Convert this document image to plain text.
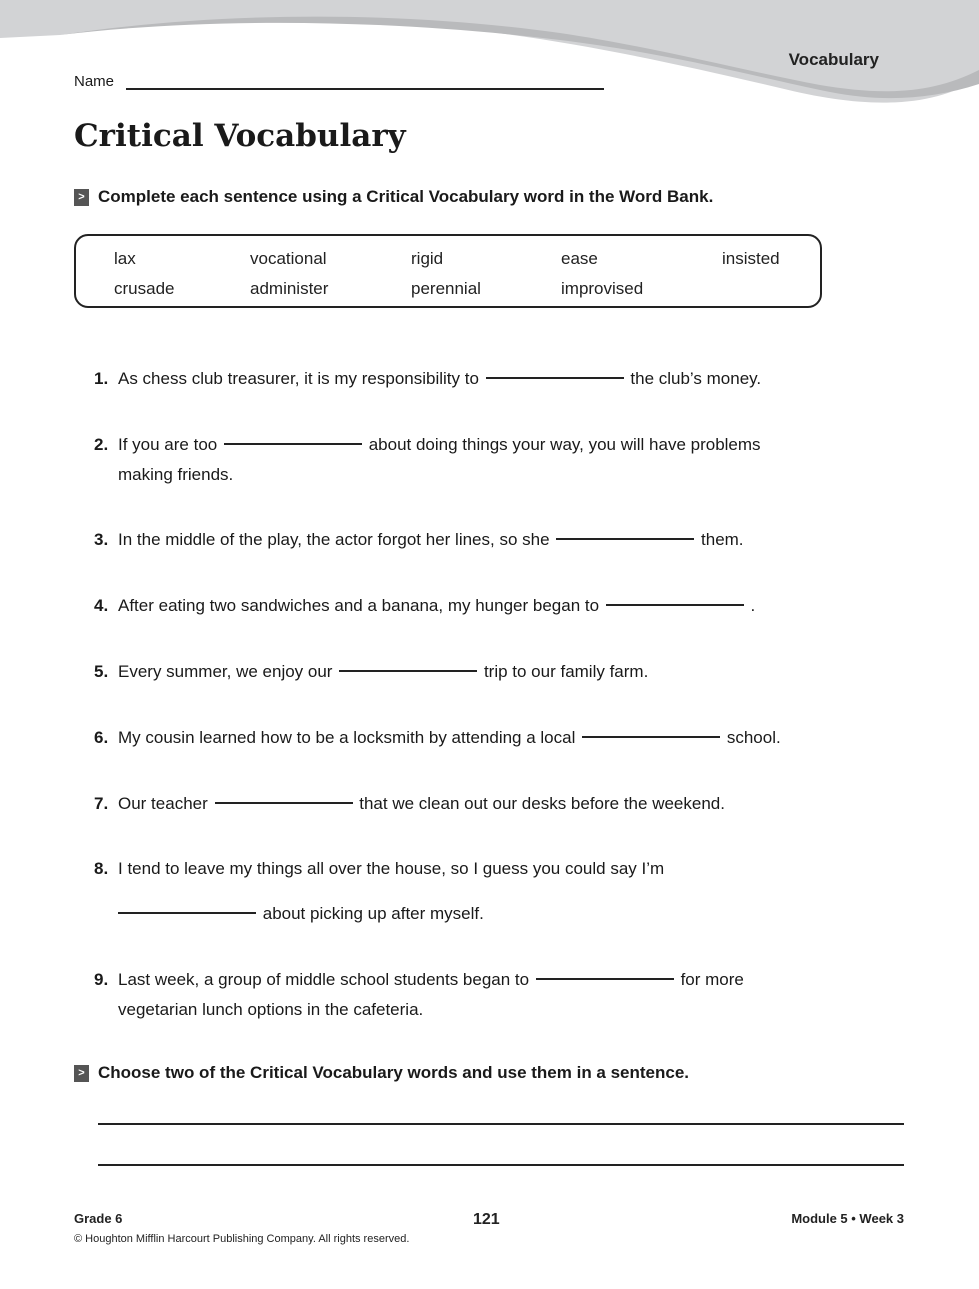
Vocabulary
Name
Critical Vocabulary
> Complete each sentence using a Critical Vocabulary word in the Word Bank.
lax	vocational	rigid	ease	insisted
crusade	administer	perennial	improvised
1. As chess club treasurer, it is my responsibility to	the club’s money.
2. If you are too	about doing things your way, you will have problems
making friends.
3. In the middle of the play, the actor forgot her lines, so she	them.
4. After eating two sandwiches and a banana, my hunger began to	.
5. Every summer, we enjoy our	trip to our family farm.
6. My cousin learned how to be a locksmith by attending a local	school.
7. Our teacher	that we clean out our desks before the weekend.
8. I tend to leave my things all over the house, so I guess you could say I’m
about picking up after myself.
9. Last week, a group of middle school students began to	for more
vegetarian lunch options in the cafeteria.
> Choose two of the Critical Vocabulary words and use them in a sentence.
Grade 6	121	Module 5 • Week 3
© Houghton Mifflin Harcourt Publishing Company. All rights reserved.
